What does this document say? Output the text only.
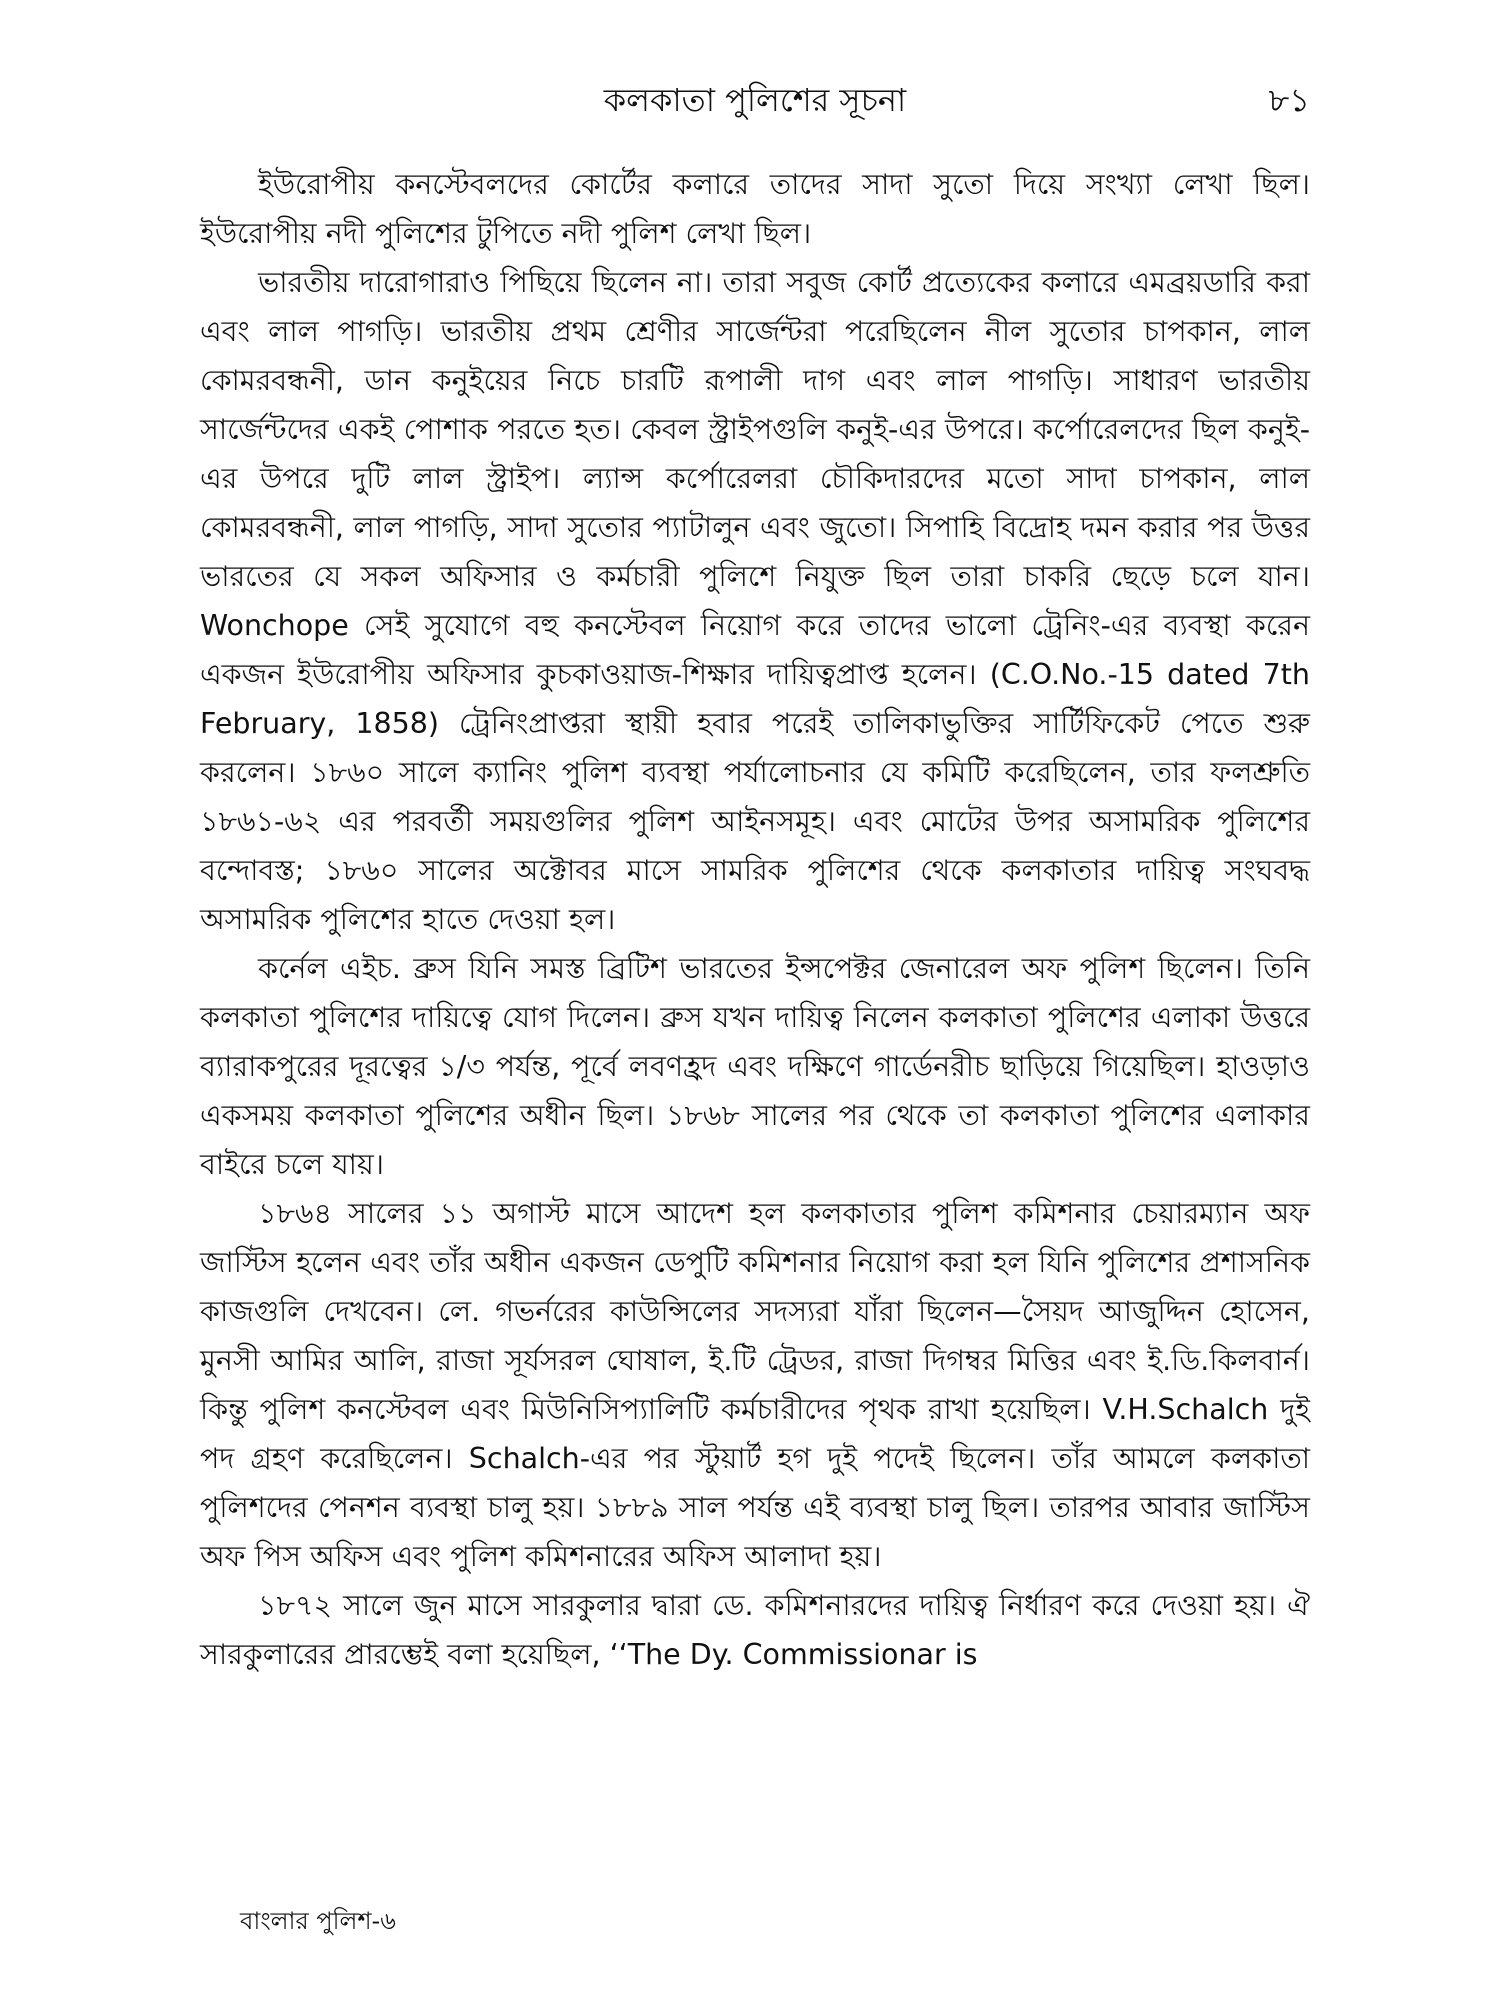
কলকাতা পুলিশের সূচনা	৮১

ইউরোপীয় কনস্টেবলদের কোর্টের কলারে তাদের সাদা সুতো দিয়ে সংখ্যা লেখা ছিল। ইউরোপীয় নদী পুলিশের টুপিতে নদী পুলিশ লেখা ছিল।

ভারতীয় দারোগারাও পিছিয়ে ছিলেন না। তারা সবুজ কোর্ট প্রত্যেকের কলারে এমব্রয়ডারি করা এবং লাল পাগড়ি। ভারতীয় প্রথম শ্রেণীর সার্জেন্টরা পরেছিলেন নীল সুতোর চাপকান, লাল কোমরবন্ধনী, ডান কনুইয়ের নিচে চারটি রূপালী দাগ এবং লাল পাগড়ি। সাধারণ ভারতীয় সার্জেন্টদের একই পোশাক পরতে হত। কেবল স্ট্রাইপগুলি কনুই-এর উপরে। কর্পোরেলদের ছিল কনুই-এর উপরে দুটি লাল স্ট্রাইপ। ল্যান্স কর্পোরেলরা চৌকিদারদের মতো সাদা চাপকান, লাল কোমরবন্ধনী, লাল পাগড়ি, সাদা সুতোর প্যাটালুন এবং জুতো। সিপাহি বিদ্রোহ দমন করার পর উত্তর ভারতের যে সকল অফিসার ও কর্মচারী পুলিশে নিযুক্ত ছিল তারা চাকরি ছেড়ে চলে যান। Wonchope সেই সুযোগে বহু কনস্টেবল নিয়োগ করে তাদের ভালো ট্রেনিং-এর ব্যবস্থা করেন একজন ইউরোপীয় অফিসার কুচকাওয়াজ-শিক্ষার দায়িত্বপ্রাপ্ত হলেন। (C.O.No.-15 dated 7th February, 1858) ট্রেনিংপ্রাপ্তরা স্থায়ী হবার পরেই তালিকাভুক্তির সার্টিফিকেট পেতে শুরু করলেন। ১৮৬০ সালে ক্যানিং পুলিশ ব্যবস্থা পর্যালোচনার যে কমিটি করেছিলেন, তার ফলশ্রুতি ১৮৬১-৬২ এর পরবর্তী সময়গুলির পুলিশ আইনসমূহ। এবং মোটের উপর অসামরিক পুলিশের বন্দোবস্ত; ১৮৬০ সালের অক্টোবর মাসে সামরিক পুলিশের থেকে কলকাতার দায়িত্ব সংঘবদ্ধ অসামরিক পুলিশের হাতে দেওয়া হল।

কর্নেল এইচ. ব্রুস যিনি সমস্ত ব্রিটিশ ভারতের ইন্সপেক্টর জেনারেল অফ পুলিশ ছিলেন। তিনি কলকাতা পুলিশের দায়িত্বে যোগ দিলেন। ব্রুস যখন দায়িত্ব নিলেন কলকাতা পুলিশের এলাকা উত্তরে ব্যারাকপুরের দূরত্বের ১/৩ পর্যন্ত, পূর্বে লবণহ্রদ এবং দক্ষিণে গার্ডেনরীচ ছাড়িয়ে গিয়েছিল। হাওড়াও একসময় কলকাতা পুলিশের অধীন ছিল। ১৮৬৮ সালের পর থেকে তা কলকাতা পুলিশের এলাকার বাইরে চলে যায়।

১৮৬৪ সালের ১১ অগাস্ট মাসে আদেশ হল কলকাতার পুলিশ কমিশনার চেয়ারম্যান অফ জাস্টিস হলেন এবং তাঁর অধীন একজন ডেপুটি কমিশনার নিয়োগ করা হল যিনি পুলিশের প্রশাসনিক কাজগুলি দেখবেন। লে. গভর্নরের কাউন্সিলের সদস্যরা যাঁরা ছিলেন—সৈয়দ আজুদ্দিন হোসেন, মুনসী আমির আলি, রাজা সূর্যসরল ঘোষাল, ই.টি ট্রেডর, রাজা দিগম্বর মিত্তির এবং ই.ডি.কিলবার্ন। কিন্তু পুলিশ কনস্টেবল এবং মিউনিসিপ্যালিটি কর্মচারীদের পৃথক রাখা হয়েছিল। V.H.Schalch দুই পদ গ্রহণ করেছিলেন। Schalch-এর পর স্টুয়ার্ট হগ দুই পদেই ছিলেন। তাঁর আমলে কলকাতা পুলিশদের পেনশন ব্যবস্থা চালু হয়। ১৮৮৯ সাল পর্যন্ত এই ব্যবস্থা চালু ছিল। তারপর আবার জাস্টিস অফ পিস অফিস এবং পুলিশ কমিশনারের অফিস আলাদা হয়।

১৮৭২ সালে জুন মাসে সারকুলার দ্বারা ডে. কমিশনারদের দায়িত্ব নির্ধারণ করে দেওয়া হয়। ঐ সারকুলারের প্রারম্ভেই বলা হয়েছিল, ‘‘The Dy. Commissionar is

বাংলার পুলিশ-৬
